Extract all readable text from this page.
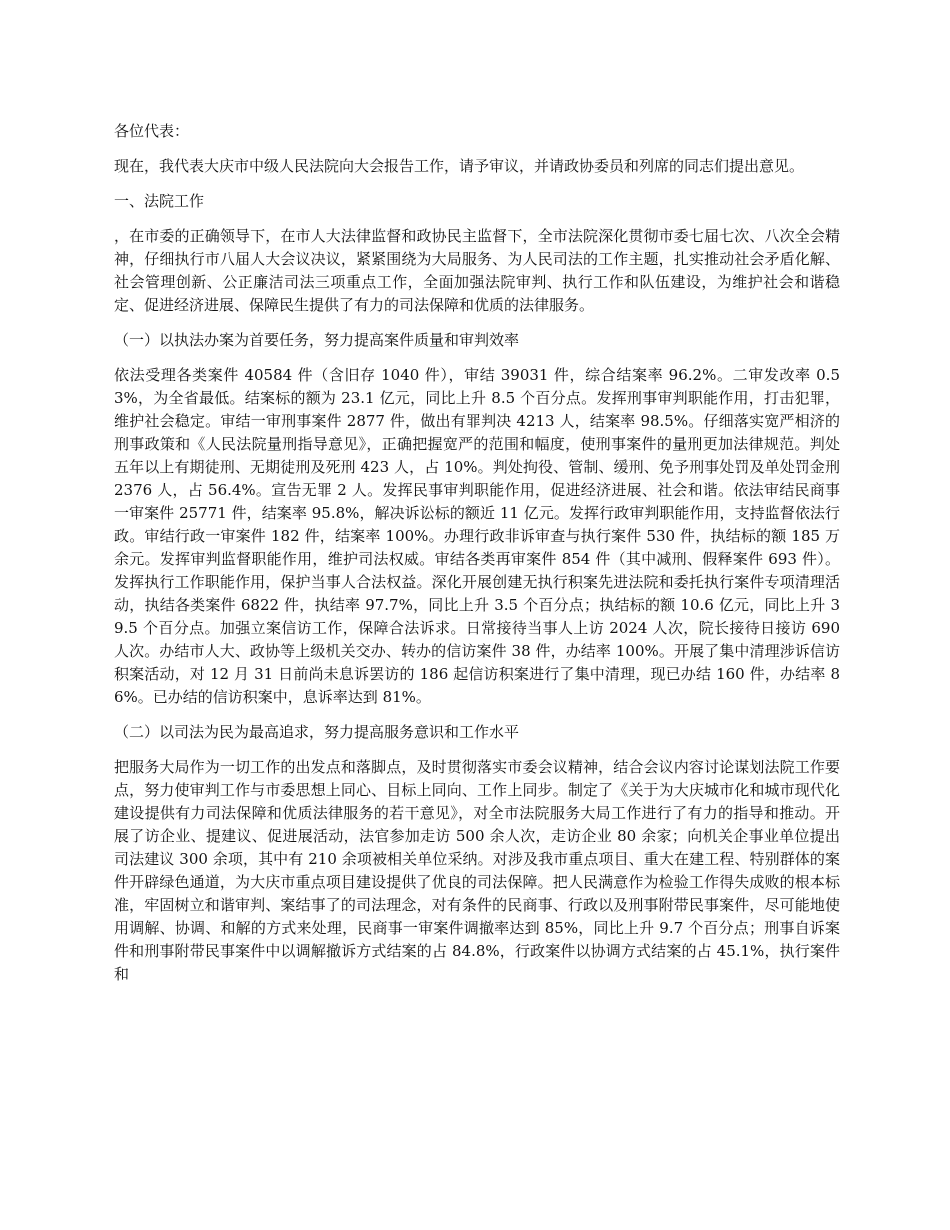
各位代表：

现在，我代表大庆市中级人民法院向大会报告工作，请予审议，并请政协委员和列席的同志们提出意见。

一、法院工作

，在市委的正确领导下，在市人大法律监督和政协民主监督下，全市法院深化贯彻市委七届七次、八次全会精神，仔细执行市八届人大会议决议，紧紧围绕为大局服务、为人民司法的工作主题，扎实推动社会矛盾化解、社会管理创新、公正廉洁司法三项重点工作，全面加强法院审判、执行工作和队伍建设，为维护社会和谐稳定、促进经济进展、保障民生提供了有力的司法保障和优质的法律服务。

（一）以执法办案为首要任务，努力提高案件质量和审判效率

依法受理各类案件 40584 件（含旧存 1040 件），审结 39031 件，综合结案率 96.2%。二审发改率 0.53%，为全省最低。结案标的额为 23.1 亿元，同比上升 8.5 个百分点。发挥刑事审判职能作用，打击犯罪，维护社会稳定。审结一审刑事案件 2877 件，做出有罪判决 4213 人，结案率 98.5%。仔细落实宽严相济的刑事政策和《人民法院量刑指导意见》，正确把握宽严的范围和幅度，使刑事案件的量刑更加法律规范。判处五年以上有期徒刑、无期徒刑及死刑 423 人，占 10%。判处拘役、管制、缓刑、免予刑事处罚及单处罚金刑 2376 人，占 56.4%。宣告无罪 2 人。发挥民事审判职能作用，促进经济进展、社会和谐。依法审结民商事一审案件 25771 件，结案率 95.8%，解决诉讼标的额近 11 亿元。发挥行政审判职能作用，支持监督依法行政。审结行政一审案件 182 件，结案率 100%。办理行政非诉审查与执行案件 530 件，执结标的额 185 万余元。发挥审判监督职能作用，维护司法权威。审结各类再审案件 854 件（其中减刑、假释案件 693 件）。发挥执行工作职能作用，保护当事人合法权益。深化开展创建无执行积案先进法院和委托执行案件专项清理活动，执结各类案件 6822 件，执结率 97.7%，同比上升 3.5 个百分点；执结标的额 10.6 亿元，同比上升 39.5 个百分点。加强立案信访工作，保障合法诉求。日常接待当事人上访 2024 人次，院长接待日接访 690 人次。办结市人大、政协等上级机关交办、转办的信访案件 38 件，办结率 100%。开展了集中清理涉诉信访积案活动，对 12 月 31 日前尚未息诉罢访的 186 起信访积案进行了集中清理，现已办结 160 件，办结率 86%。已办结的信访积案中，息诉率达到 81%。

（二）以司法为民为最高追求，努力提高服务意识和工作水平

把服务大局作为一切工作的出发点和落脚点，及时贯彻落实市委会议精神，结合会议内容讨论谋划法院工作要点，努力使审判工作与市委思想上同心、目标上同向、工作上同步。制定了《关于为大庆城市化和城市现代化建设提供有力司法保障和优质法律服务的若干意见》，对全市法院服务大局工作进行了有力的指导和推动。开展了访企业、提建议、促进展活动，法官参加走访 500 余人次，走访企业 80 余家；向机关企事业单位提出司法建议 300 余项，其中有 210 余项被相关单位采纳。对涉及我市重点项目、重大在建工程、特别群体的案件开辟绿色通道，为大庆市重点项目建设提供了优良的司法保障。把人民满意作为检验工作得失成败的根本标准，牢固树立和谐审判、案结事了的司法理念，对有条件的民商事、行政以及刑事附带民事案件，尽可能地使用调解、协调、和解的方式来处理，民商事一审案件调撤率达到 85%，同比上升 9.7 个百分点；刑事自诉案件和刑事附带民事案件中以调解撤诉方式结案的占 84.8%，行政案件以协调方式结案的占 45.1%，执行案件和
